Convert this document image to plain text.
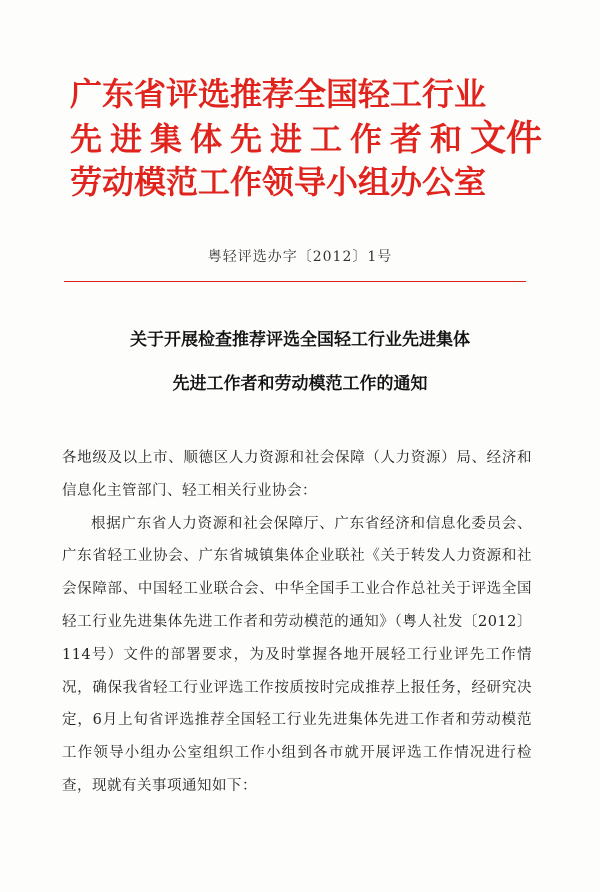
广东省评选推荐全国轻工行业
先进集体先进工作者和文件
劳动模范工作领导小组办公室
粤轻评选办字〔2012〕1号
关于开展检查推荐评选全国轻工行业先进集体
先进工作者和劳动模范工作的通知

各地级及以上市、顺德区人力资源和社会保障（人力资源）局、经济和信息化主管部门、轻工相关行业协会：

根据广东省人力资源和社会保障厅、广东省经济和信息化委员会、广东省轻工业协会、广东省城镇集体企业联社《关于转发人力资源和社会保障部、中国轻工业联合会、中华全国手工业合作总社关于评选全国轻工行业先进集体先进工作者和劳动模范的通知》（粤人社发〔2012〕114号）文件的部署要求，为及时掌握各地开展轻工行业评先工作情况，确保我省轻工行业评选工作按质按时完成推荐上报任务，经研究决定，6月上旬省评选推荐全国轻工行业先进集体先进工作者和劳动模范工作领导小组办公室组织工作小组到各市就开展评选工作情况进行检查，现就有关事项通知如下：
